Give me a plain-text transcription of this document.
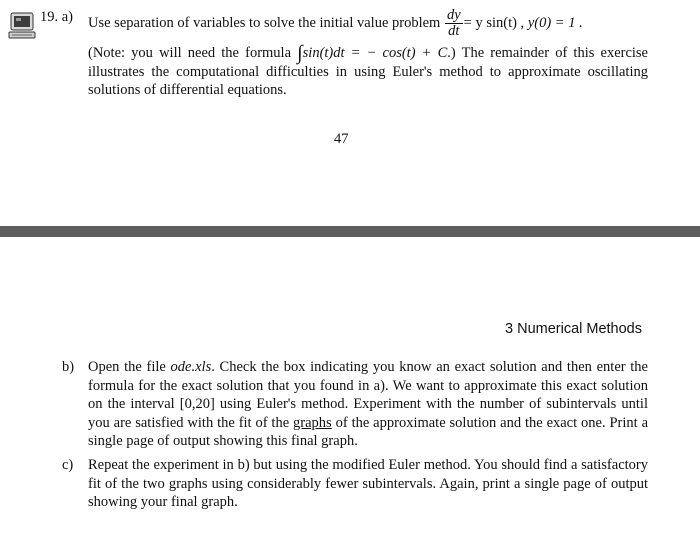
19. a) Use separation of variables to solve the initial value problem $\frac{dy}{dt} = y$ sin(t) , y(0) = 1 .
(Note: you will need the formula ∫sin(t)dt = − cos(t) + C.) The remainder of this exercise illustrates the computational difficulties in using Euler's method to approximate oscillating solutions of differential equations.
47
3 Numerical Methods
b) Open the file ode.xls. Check the box indicating you know an exact solution and then enter the formula for the exact solution that you found in a). We want to approximate this exact solution on the interval [0,20] using Euler's method. Experiment with the number of subintervals until you are satisfied with the fit of the graphs of the approximate solution and the exact one. Print a single page of output showing this final graph.
c) Repeat the experiment in b) but using the modified Euler method. You should find a satisfactory fit of the two graphs using considerably fewer subintervals. Again, print a single page of output showing your final graph.
